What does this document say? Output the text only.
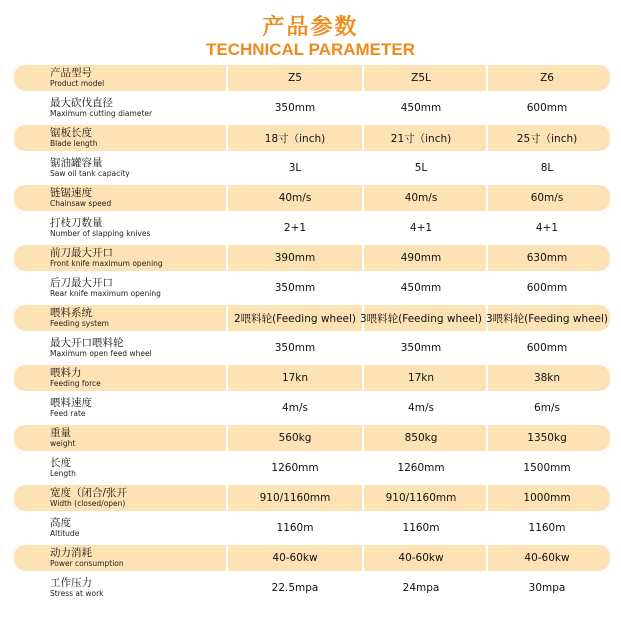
产品参数
TECHNICAL PARAMETER
产品型号
Product model	Z5	Z5L	Z6
最大砍伐直径
Maximum cutting diameter	350mm	450mm	600mm
锯板长度
Blade length	18寸（inch)	21寸（inch)	25寸（inch)
锯油罐容量
Saw oil tank capacity	3L	5L	8L
链锯速度
Chainsaw speed	40m/s	40m/s	60m/s
打枝刀数量
Number of slapping knives	2+1	4+1	4+1
前刀最大开口
Front knife maximum opening	390mm	490mm	630mm
后刀最大开口
Rear knife maximum opening	350mm	450mm	600mm
喂料系统
Feeding system	2喂料轮(Feeding wheel) 3喂料轮(Feeding wheel) 3喂料轮(Feeding wheel)
最大开口喂料轮
Maximum open feed wheel	350mm	350mm	600mm
喂料力
Feeding force	17kn	17kn	38kn
喂料速度
Feed rate	4m/s	4m/s	6m/s
重量
weight	560kg	850kg	1350kg
长度
Length	1260mm	1260mm	1500mm
宽度（闭合/张开
Width (closed/open)	910/1160mm	910/1160mm	1000mm
高度
Altitude	1160m	1160m	1160m
动力消耗
Power consumption	40-60kw	40-60kw	40-60kw
工作压力
Stress at work	22.5mpa	24mpa	30mpa
